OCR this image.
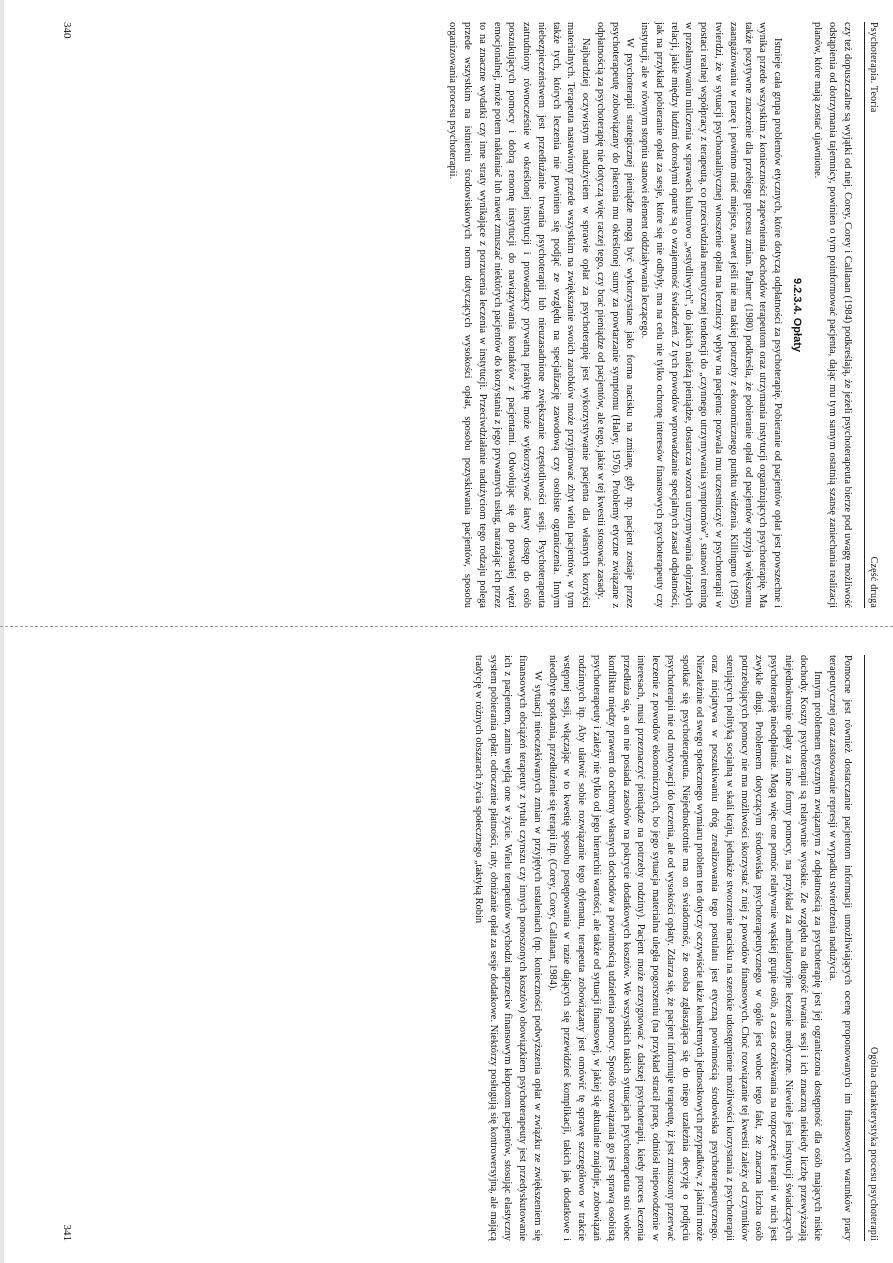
Psychoterapia. Teoria
Część druga

czy też dopuszczalne są wyjątki od niej. Corey, Corey i Callanan (1984) podkreślają, że jeżeli psychoterapeuta bierze pod uwagę możliwość odstąpienia od dotrzymania tajemnicy, powinien o tym poinformować pacjenta, dając mu tym samym ostatnią szansę zaniechania realizacji planów, które mają zostać ujawnione.

9.2.3.4. Opłaty

Istnieje cała grupa problemów etycznych, które dotyczą odpłatności za psychoterapię. Pobieranie od pacjentów opłat jest powszechne i wynika przede wszystkim z konieczności zapewnienia dochodów terapeutom oraz utrzymania instytucji organizujących psychoterapię. Ma także pozytywne znaczenie dla przebiegu procesu zmian. Palmer (1980) podkreśla, że pobieranie opłat od pacjentów sprzyja większemu zaangażowaniu w pracę i powinno mieć miejsce, nawet jeśli nie ma takiej potrzeby z ekonomicznego punktu widzenia. Killingmo (1995) twierdzi, że w sytuacji psychoanalitycznej wnoszenie opłat ma leczniczy wpływ na pacjenta: pozwala mu uczestniczyć w psychoterapii w postaci realnej współpracy z terapeutą, co przeciwdziała neurotycznej tendencji do „czynnego utrzymywania symptomów”, stanowi trening w przełamywaniu milczenia w sprawach kulturowo „wstydliwych”, do jakich należą pieniądze, dostarcza wzorca utrzymywania dojrzałych relacji, jakie między ludźmi dorosłymi oparte są o wzajemność świadczeń. Z tych powodów wprowadzanie specjalnych zasad odpłatności, jak na przykład pobieranie opłat za sesje, które się nie odbyły, ma na celu nie tylko ochronę interesów finansowych psychoterapeuty czy instytucji, ale w równym stopniu stanowi element oddziaływania leczącego.

W psychoterapii strategicznej pieniądze mogą być wykorzystane jako forma nacisku na zmianę, gdy np. pacjent zostaje przez psychoterapeutę zobowiązany do płacenia mu określonej sumy za powtarzanie symptomu (Haley, 1976). Problemy etyczne związane z odpłatnością za psychoterapię nie dotyczą więc raczej tego, czy brać pieniądze od pacjentów, ale tego, jakie w tej kwestii stosować zasady.

Najbardziej oczywistym nadużyciem w sprawie opłat za psychoterapię jest wykorzystywanie pacjenta dla własnych korzyści materialnych. Terapeuta nastawiony przede wszystkim na zwiększanie swoich zarobków może przyjmować zbyt wielu pacjentów, w tym także tych, których leczenia nie powinien się podjąć ze względu na specjalizację zawodową czy osobiste ograniczenia. Innym niebezpieczeństwem jest przedłużanie trwania psychoterapii lub nieuzasadnione zwiększanie częstotliwości sesji. Psychoterapeuta zatrudniony równocześnie w określonej instytucji i prowadzący prywatną praktykę może wykorzystywać łatwy dostęp do osób poszukujących pomocy i dobrą renomę instytucji do nawiązywania kontaktów z pacjentami. Odwołując się do powstałej więzi emocjonalnej, może potem nakłaniać lub nawet zmuszać niektórych pacjentów do korzystania z jego prywatnych usług, narażając ich przez to na znaczne wydatki czy inne straty wynikające z porzucenia leczenia w instytucji. Przeciwdziałanie nadużyciom tego rodzaju polega przede wszystkim na istnieniu środowiskowych norm dotyczących wysokości opłat, sposobu pozyskiwania pacjentów, sposobu organizowania procesu psychoterapii.

340
Ogólna charakterystyka procesu psychoterapii

Pomocne jest również dostarczanie pacjentom informacji umożliwiających ocenę proponowanych im finansowych warunków pracy terapeutycznej oraz zastosowanie represji w wypadku stwierdzenia nadużycia.

Innym problemem etycznym związanym z odpłatnością za psychoterapię jest jej ograniczona dostępność dla osób mających niskie dochody. Koszty psychoterapii są relatywnie wysokie. Ze względu na długość trwania sesji i ich znaczną niekiedy liczbę przewyższają niejednokrotnie opłaty za inne formy pomocy, na przykład za ambulatoryjne leczenie medyczne. Niewiele jest instytucji świadczących psychoterapię nieodpłatnie. Mogą więc one pomóc relatywnie wąskiej grupie osób, a czas oczekiwania na rozpoczęcie terapii w nich jest zwykle długi. Problemem dotyczącym środowiska psychoterapeutycznego w ogóle jest wobec tego fakt, że znaczna liczba osób potrzebujących pomocy nie ma możliwości skorzystać z niej z powodów finansowych. Choć rozwiązanie tej kwestii zależy od czynników sterujących polityką socjalną w skali kraju, jednakże stworzenie nacisku na szerokie udostępnienie możliwości korzystania z psychoterapii oraz inicjatywa w poszukiwaniu dróg zrealizowania tego postulatu jest etyczną powinnością środowiska psychoterapeutycznego. Niezależnie od swego społecznego wymiaru problem ten dotyczy oczywiście także konkretnych jednostkowych przypadków, z jakimi może spotkać się psychoterapeuta. Niejednokrotnie ma on świadomość, że osoba zgłaszająca się do niego uzależnia decyzję o podjęciu psychoterapii nie od motywacji do leczenia, ale od wysokości opłaty. Zdarza się, że pacjent informuje terapeutę, iż jest zmuszony przerwać leczenie z powodów ekonomicznych, bo jego sytuacja materialna uległa pogorszeniu (na przykład stracił pracę, odniósł niepowodzenie w interesach, musi przeznaczyć pieniądze na potrzeby rodziny). Pacjent może zrezygnować z dalszej psychoterapii, kiedy proces leczenia przedłuża się, a on nie posiada zasobów na pokrycie dodatkowych kosztów. We wszystkich takich sytuacjach psychoterapeuta stoi wobec konfliktu między prawem do ochrony własnych dochodów a powinnością udzielenia pomocy. Sposób rozwiązania go jest sprawą osobistą psychoterapeuty i zależy nie tylko od jego hierarchii wartości, ale także od sytuacji finansowej, w jakiej się aktualnie znajduje, zobowiązań rodzinnych itp. Aby ułatwić sobie rozwiązanie tego dylematu, terapeuta zobowiązany jest omówić tę sprawę szczegółowo w trakcie wstępnej sesji, włączając w to kwestię sposobu postępowania w razie dających się przewidzieć komplikacji, takich jak dodatkowe i nieodbyte spotkania, przedłużenie się terapii itp. (Corey, Corey, Callanan, 1984).

W sytuacji nieoczekiwanych zmian w przyjętych ustaleniach (np. konieczności podwyższenia opłat w związku ze zwiększeniem się finansowych obciążeń terapeuty z tytułu czynszu czy innych ponoszonych kosztów) obowiązkiem psychoterapeuty jest przedyskutowanie ich z pacjentem, zanim wejdą one w życie. Wielu terapeutów wychodzi naprzeciw finansowym kłopotom pacjentów, stosując elastyczny system pobierania opłat: odroczenie płatności, raty, obniżanie opłat za sesje dodatkowe. Niektórzy posługują się kontrowersyjną, ale mającą tradycję w różnych obszarach życia społecznego „taktyką Robin

341
